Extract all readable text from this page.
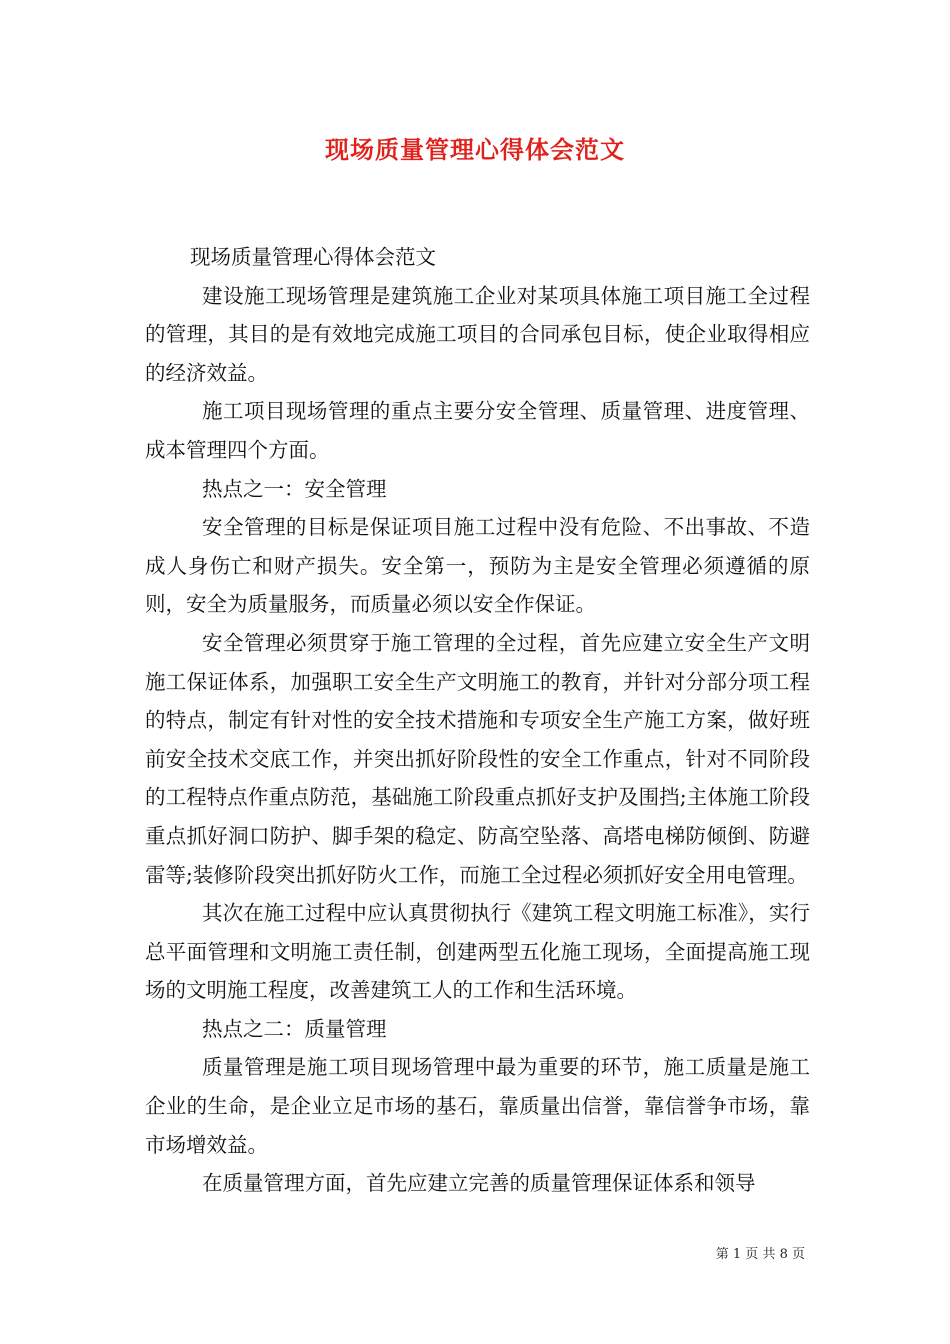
现场质量管理心得体会范文

现场质量管理心得体会范文

建设施工现场管理是建筑施工企业对某项具体施工项目施工全过程的管理，其目的是有效地完成施工项目的合同承包目标，使企业取得相应的经济效益。

施工项目现场管理的重点主要分安全管理、质量管理、进度管理、成本管理四个方面。

热点之一：安全管理

安全管理的目标是保证项目施工过程中没有危险、不出事故、不造成人身伤亡和财产损失。安全第一，预防为主是安全管理必须遵循的原则，安全为质量服务，而质量必须以安全作保证。

安全管理必须贯穿于施工管理的全过程，首先应建立安全生产文明施工保证体系，加强职工安全生产文明施工的教育，并针对分部分项工程的特点，制定有针对性的安全技术措施和专项安全生产施工方案，做好班前安全技术交底工作，并突出抓好阶段性的安全工作重点，针对不同阶段的工程特点作重点防范，基础施工阶段重点抓好支护及围挡;主体施工阶段重点抓好洞口防护、脚手架的稳定、防高空坠落、高塔电梯防倾倒、防避雷等;装修阶段突出抓好防火工作，而施工全过程必须抓好安全用电管理。

其次在施工过程中应认真贯彻执行《建筑工程文明施工标准》，实行总平面管理和文明施工责任制，创建两型五化施工现场，全面提高施工现场的文明施工程度，改善建筑工人的工作和生活环境。

热点之二：质量管理

质量管理是施工项目现场管理中最为重要的环节，施工质量是施工企业的生命，是企业立足市场的基石，靠质量出信誉，靠信誉争市场，靠市场增效益。

在质量管理方面，首先应建立完善的质量管理保证体系和领导

第 1 页 共 8 页
